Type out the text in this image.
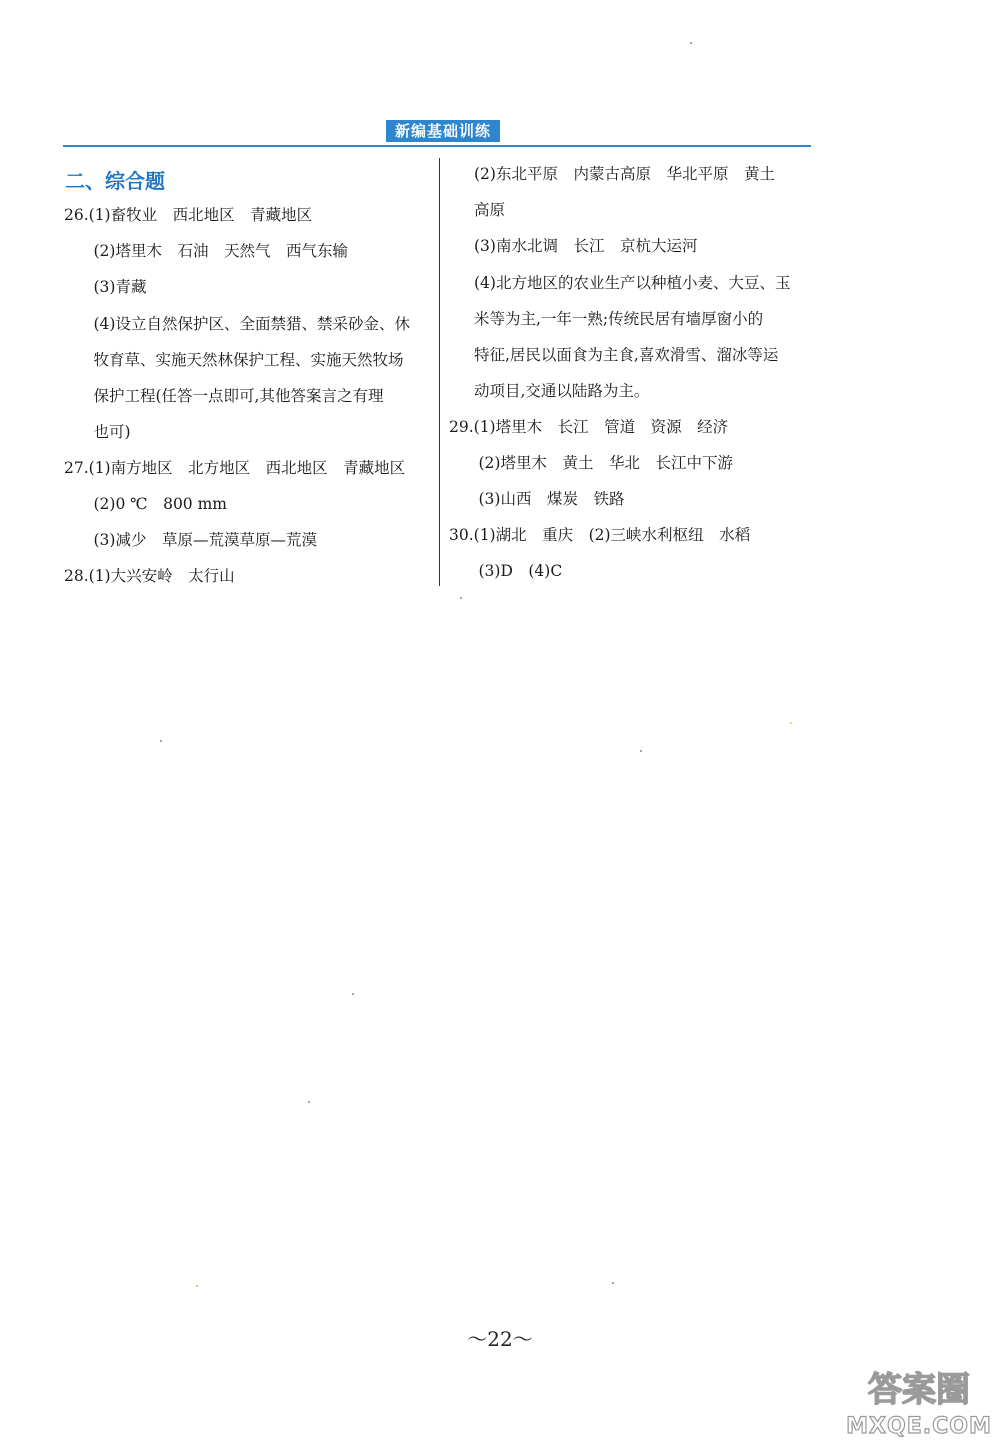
新编基础训练
二、综合题
26.(1)畜牧业　西北地区　青藏地区
　(2)塔里木　石油　天然气　西气东输
　(3)青藏
　(4)设立自然保护区、全面禁猎、禁采砂金、休
　牧育草、实施天然林保护工程、实施天然牧场
　保护工程(任答一点即可,其他答案言之有理
　也可)
27.(1)南方地区　北方地区　西北地区　青藏地区
　(2)0 ℃　800 mm
　(3)减少　草原—荒漠草原—荒漠
28.(1)大兴安岭　太行山
(2)东北平原　内蒙古高原　华北平原　黄土
高原
(3)南水北调　长江　京杭大运河
(4)北方地区的农业生产以种植小麦、大豆、玉
米等为主,一年一熟;传统民居有墙厚窗小的
特征,居民以面食为主食,喜欢滑雪、溜冰等运
动项目,交通以陆路为主。
29.(1)塔里木　长江　管道　资源　经济
　(2)塔里木　黄土　华北　长江中下游
　(3)山西　煤炭　铁路
30.(1)湖北　重庆　(2)三峡水利枢纽　水稻
　(3)D　(4)C
～22～
答案圈
MXQE.COM
